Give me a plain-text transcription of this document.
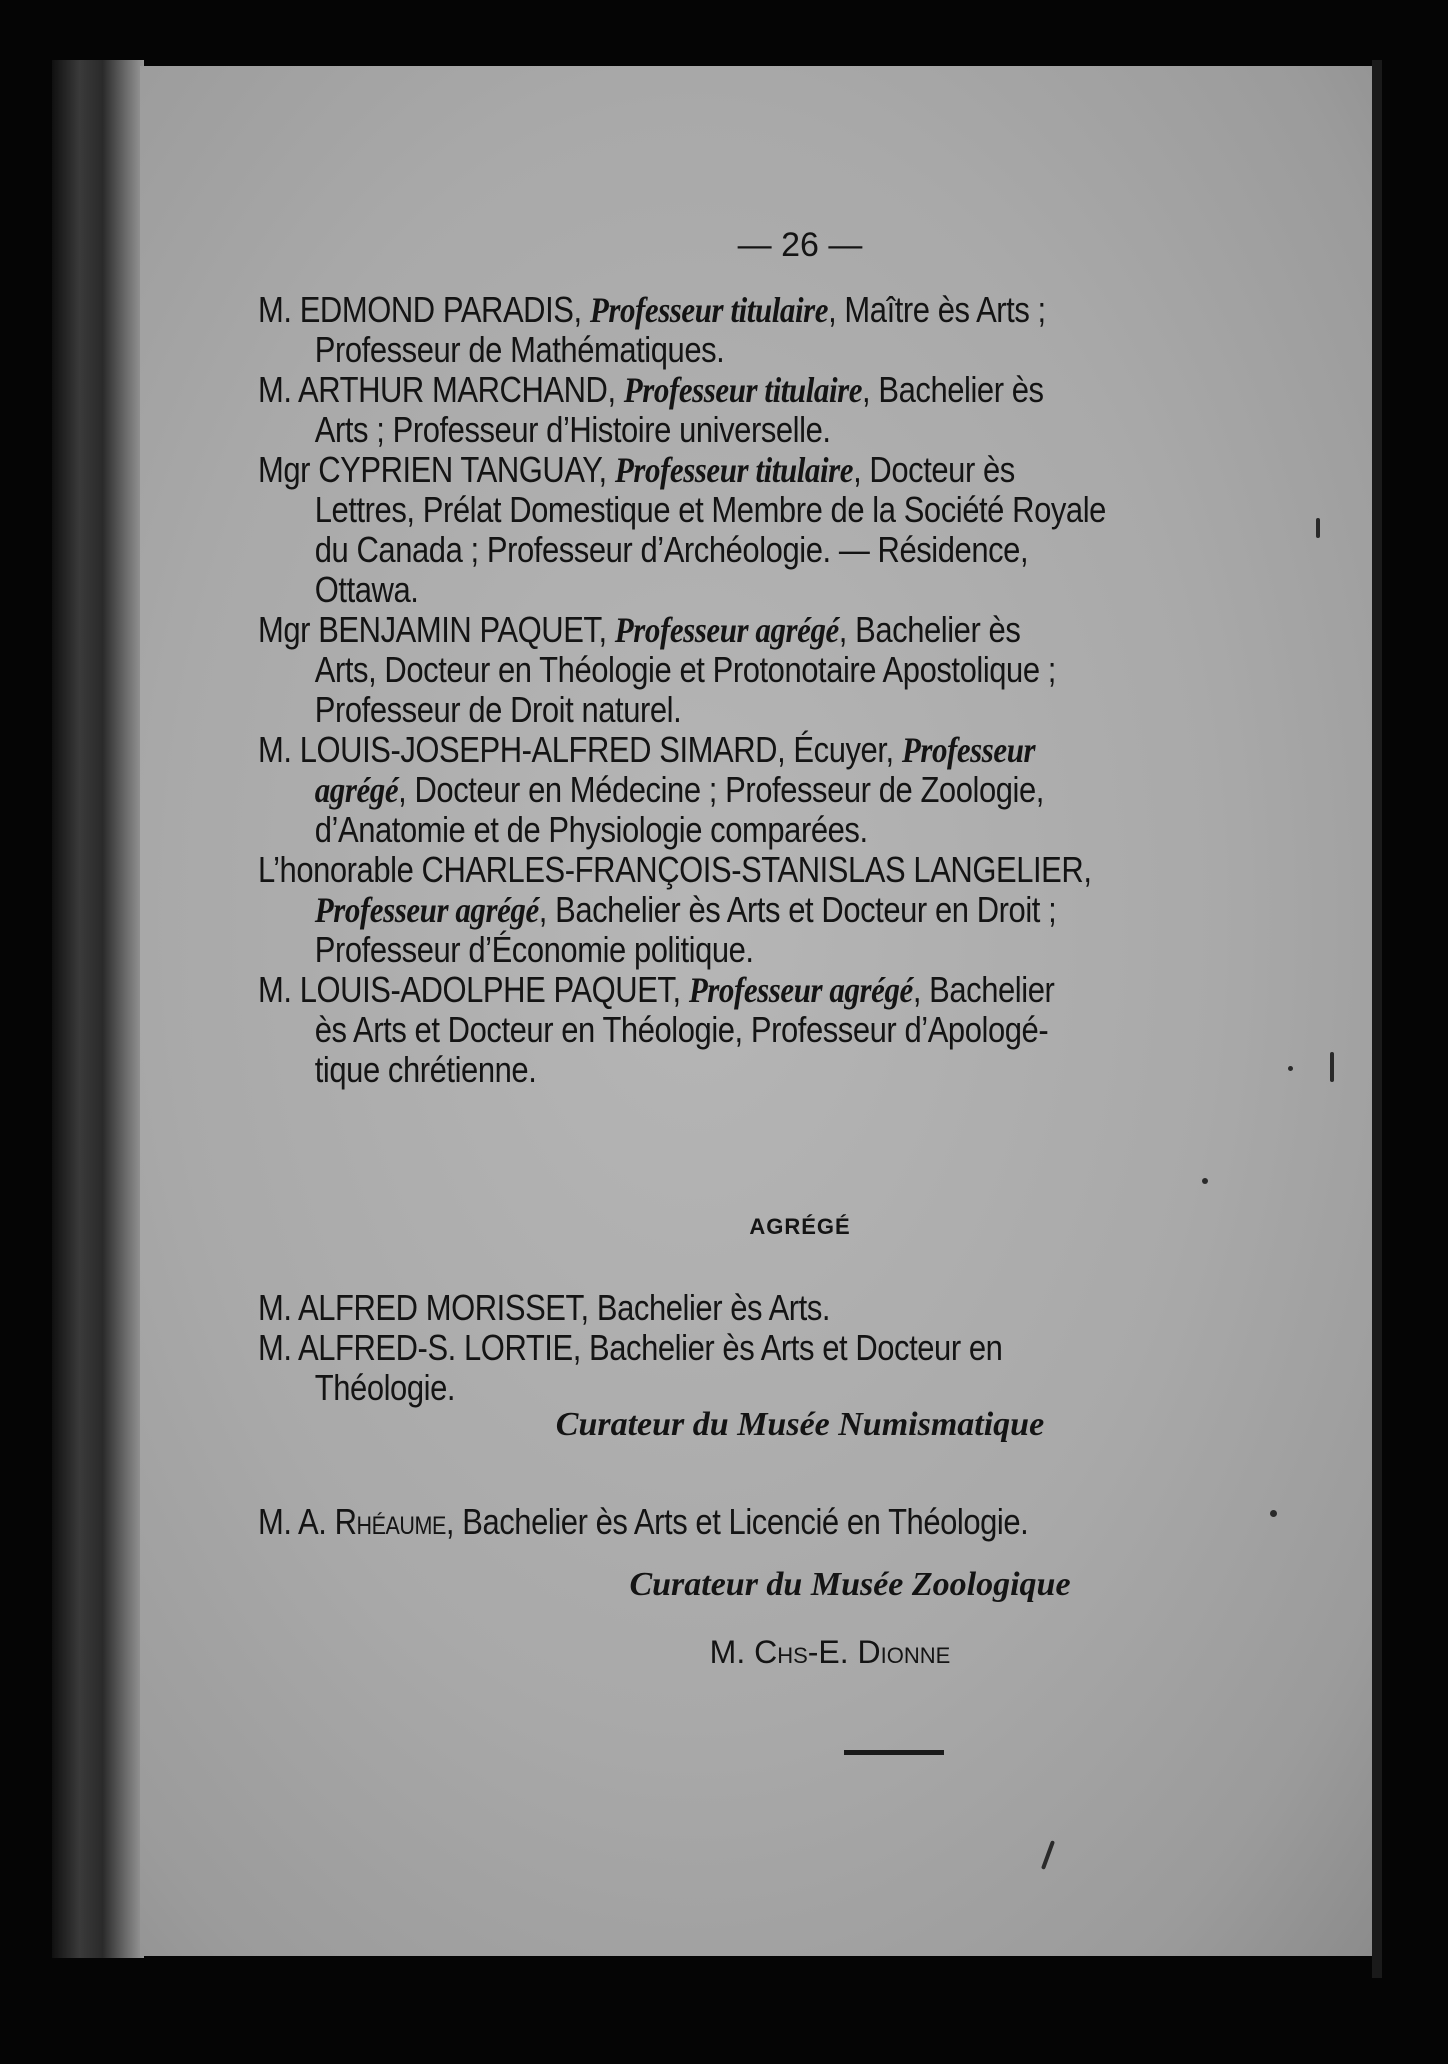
— 26 —
M. EDMOND PARADIS, Professeur titulaire, Maître ès Arts ;
Professeur de Mathématiques.
M. ARTHUR MARCHAND, Professeur titulaire, Bachelier ès
Arts ; Professeur d’Histoire universelle.
Mgr CYPRIEN TANGUAY, Professeur titulaire, Docteur ès
Lettres, Prélat Domestique et Membre de la Société Royale
du Canada ; Professeur d’Archéologie. — Résidence,
Ottawa.
Mgr BENJAMIN PAQUET, Professeur agrégé, Bachelier ès
Arts, Docteur en Théologie et Protonotaire Apostolique ;
Professeur de Droit naturel.
M. LOUIS-JOSEPH-ALFRED SIMARD, Écuyer, Professeur
agrégé, Docteur en Médecine ; Professeur de Zoologie,
d’Anatomie et de Physiologie comparées.
L’honorable CHARLES-FRANÇOIS-STANISLAS LANGELIER,
Professeur agrégé, Bachelier ès Arts et Docteur en Droit ;
Professeur d’Économie politique.
M. LOUIS-ADOLPHE PAQUET, Professeur agrégé, Bachelier
ès Arts et Docteur en Théologie, Professeur d’Apologé-
tique chrétienne.
AGRÉGÉ
M. ALFRED MORISSET, Bachelier ès Arts.
M. ALFRED-S. LORTIE, Bachelier ès Arts et Docteur en
Théologie.
Curateur du Musée Numismatique
M. A. Rhéaume, Bachelier ès Arts et Licencié en Théologie.
Curateur du Musée Zoologique
M. Chs-E. Dionne
